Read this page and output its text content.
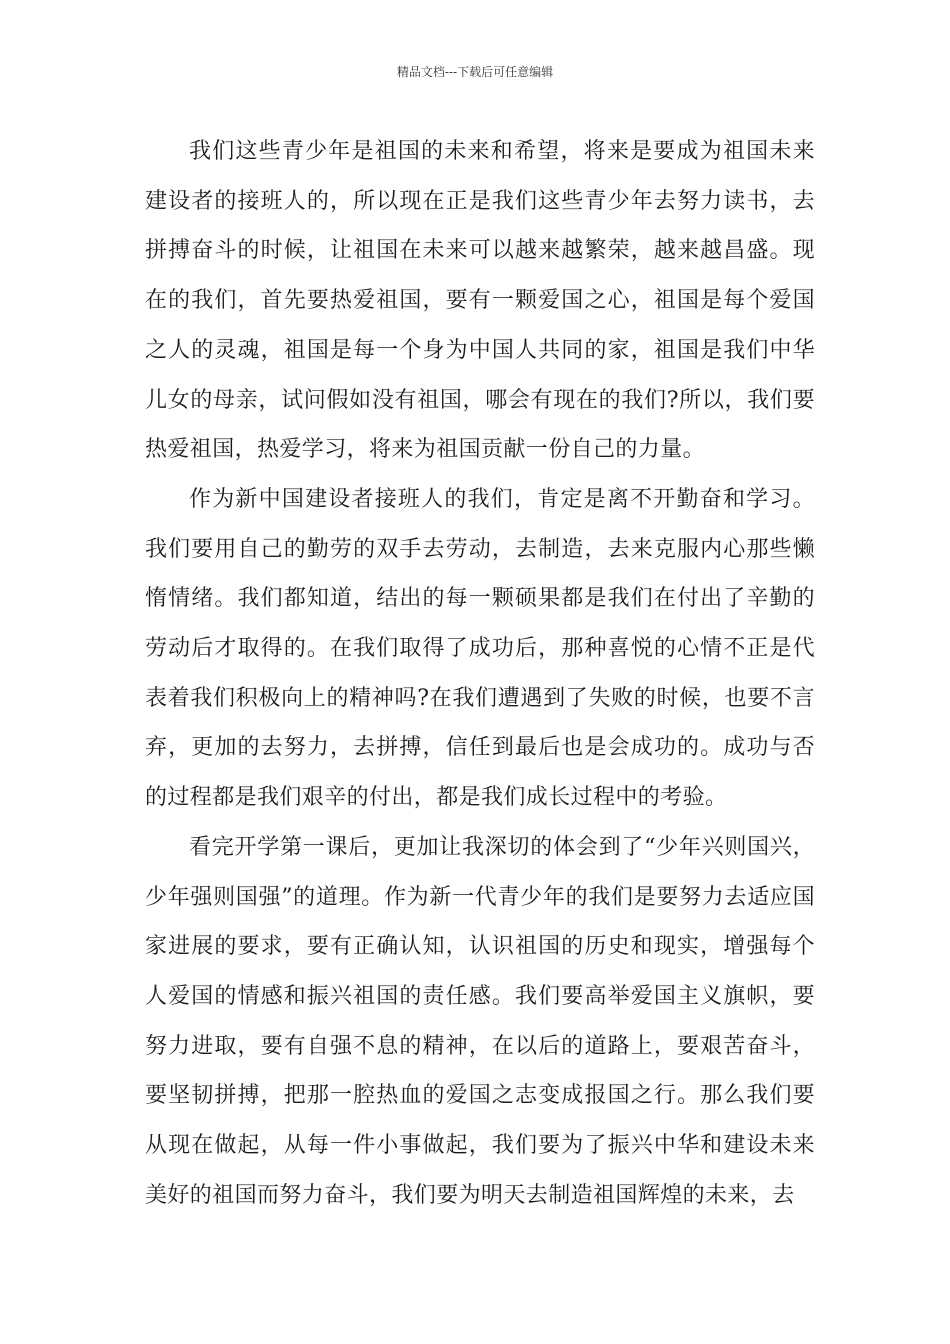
精品文档---下载后可任意编辑

我们这些青少年是祖国的未来和希望，将来是要成为祖国未来建设者的接班人的，所以现在正是我们这些青少年去努力读书，去拼搏奋斗的时候，让祖国在未来可以越来越繁荣，越来越昌盛。现在的我们，首先要热爱祖国，要有一颗爱国之心，祖国是每个爱国之人的灵魂，祖国是每一个身为中国人共同的家，祖国是我们中华儿女的母亲，试问假如没有祖国，哪会有现在的我们?所以，我们要热爱祖国，热爱学习，将来为祖国贡献一份自己的力量。

作为新中国建设者接班人的我们，肯定是离不开勤奋和学习。我们要用自己的勤劳的双手去劳动，去制造，去来克服内心那些懒惰情绪。我们都知道，结出的每一颗硕果都是我们在付出了辛勤的劳动后才取得的。在我们取得了成功后，那种喜悦的心情不正是代表着我们积极向上的精神吗?在我们遭遇到了失败的时候，也要不言弃，更加的去努力，去拼搏，信任到最后也是会成功的。成功与否的过程都是我们艰辛的付出，都是我们成长过程中的考验。

看完开学第一课后，更加让我深切的体会到了“少年兴则国兴，少年强则国强”的道理。作为新一代青少年的我们是要努力去适应国家进展的要求，要有正确认知，认识祖国的历史和现实，增强每个人爱国的情感和振兴祖国的责任感。我们要高举爱国主义旗帜，要努力进取，要有自强不息的精神，在以后的道路上，要艰苦奋斗，要坚韧拼搏，把那一腔热血的爱国之志变成报国之行。那么我们要从现在做起，从每一件小事做起，我们要为了振兴中华和建设未来美好的祖国而努力奋斗，我们要为明天去制造祖国辉煌的未来，去
